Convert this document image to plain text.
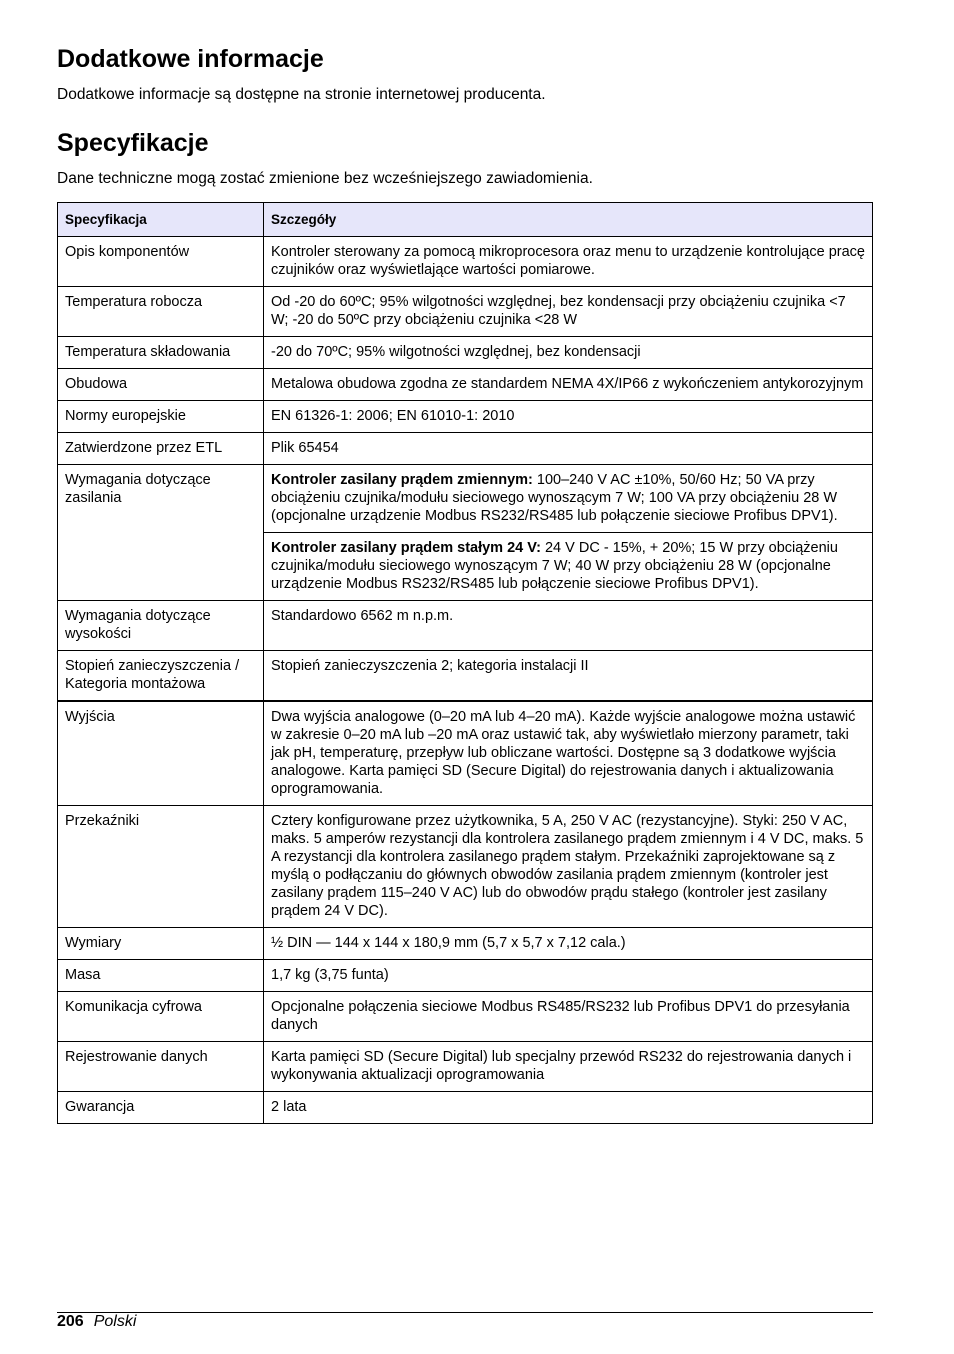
Dodatkowe informacje

Dodatkowe informacje są dostępne na stronie internetowej producenta.

Specyfikacje

Dane techniczne mogą zostać zmienione bez wcześniejszego zawiadomienia.

Specyfikacja	Szczegóły
Opis komponentów	Kontroler sterowany za pomocą mikroprocesora oraz menu to urządzenie kontrolujące pracę czujników oraz wyświetlające wartości pomiarowe.
Temperatura robocza	Od -20 do 60ºC; 95% wilgotności względnej, bez kondensacji przy obciążeniu czujnika <7 W; -20 do 50ºC przy obciążeniu czujnika <28 W
Temperatura składowania	-20 do 70ºC; 95% wilgotności względnej, bez kondensacji
Obudowa	Metalowa obudowa zgodna ze standardem NEMA 4X/IP66 z wykończeniem antykorozyjnym
Normy europejskie	EN 61326-1: 2006; EN 61010-1: 2010
Zatwierdzone przez ETL	Plik 65454
Wymagania dotyczące zasilania	Kontroler zasilany prądem zmiennym: 100–240 V AC ±10%, 50/60 Hz; 50 VA przy obciążeniu czujnika/modułu sieciowego wynoszącym 7 W; 100 VA przy obciążeniu 28 W (opcjonalne urządzenie Modbus RS232/RS485 lub połączenie sieciowe Profibus DPV1).
	Kontroler zasilany prądem stałym 24 V: 24 V DC - 15%, + 20%; 15 W przy obciążeniu czujnika/modułu sieciowego wynoszącym 7 W; 40 W przy obciążeniu 28 W (opcjonalne urządzenie Modbus RS232/RS485 lub połączenie sieciowe Profibus DPV1).
Wymagania dotyczące wysokości	Standardowo 6562 m n.p.m.
Stopień zanieczyszczenia / Kategoria montażowa	Stopień zanieczyszczenia 2; kategoria instalacji II
Wyjścia	Dwa wyjścia analogowe (0–20 mA lub 4–20 mA). Każde wyjście analogowe można ustawić w zakresie 0–20 mA lub –20 mA oraz ustawić tak, aby wyświetlało mierzony parametr, taki jak pH, temperaturę, przepływ lub obliczane wartości. Dostępne są 3 dodatkowe wyjścia analogowe. Karta pamięci SD (Secure Digital) do rejestrowania danych i aktualizowania oprogramowania.
Przekaźniki	Cztery konfigurowane przez użytkownika, 5 A, 250 V AC (rezystancyjne). Styki: 250 V AC, maks. 5 amperów rezystancji dla kontrolera zasilanego prądem zmiennym i 4 V DC, maks. 5 A rezystancji dla kontrolera zasilanego prądem stałym. Przekaźniki zaprojektowane są z myślą o podłączaniu do głównych obwodów zasilania prądem zmiennym (kontroler jest zasilany prądem 115–240 V AC) lub do obwodów prądu stałego (kontroler jest zasilany prądem 24 V DC).
Wymiary	½ DIN — 144 x 144 x 180,9 mm (5,7 x 5,7 x 7,12 cala.)
Masa	1,7 kg (3,75 funta)
Komunikacja cyfrowa	Opcjonalne połączenia sieciowe Modbus RS485/RS232 lub Profibus DPV1 do przesyłania danych
Rejestrowanie danych	Karta pamięci SD (Secure Digital) lub specjalny przewód RS232 do rejestrowania danych i wykonywania aktualizacji oprogramowania
Gwarancja	2 lata
206 Polski
